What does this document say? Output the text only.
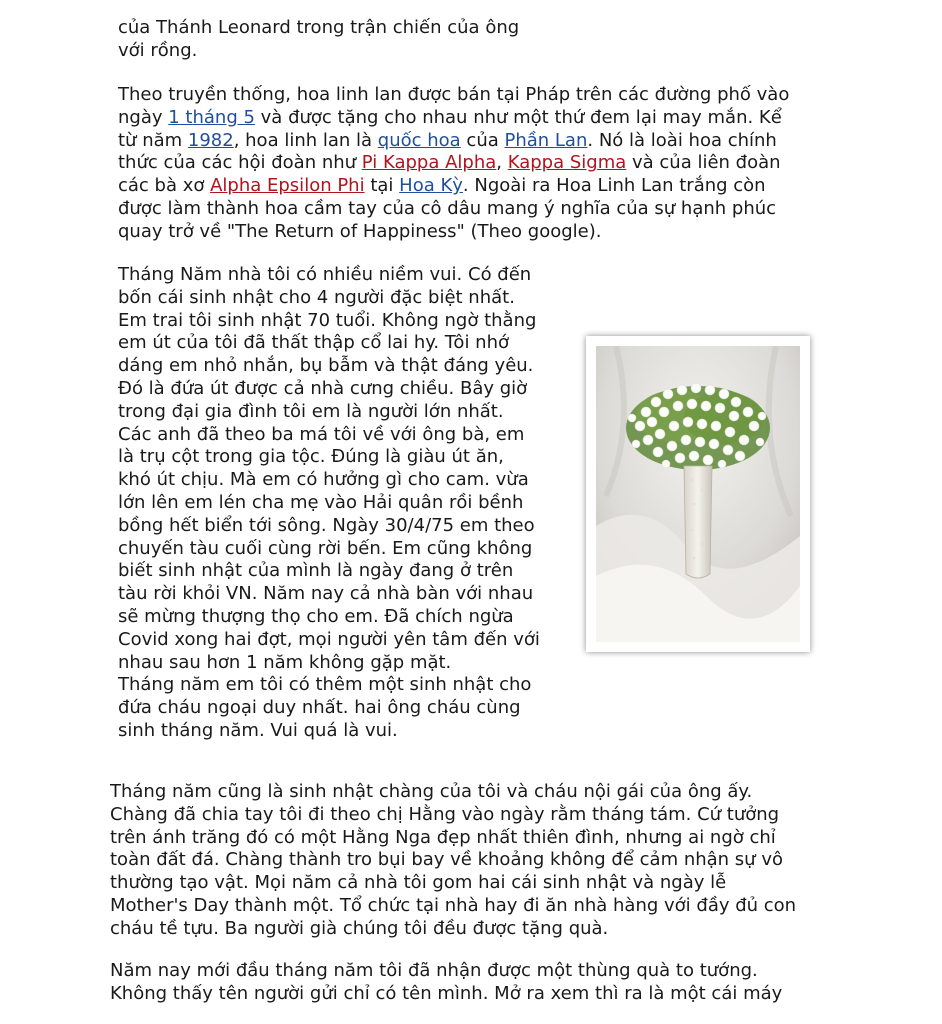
của Thánh Leonard trong trận chiến của ông
với rồng.
Theo truyền thống, hoa linh lan được bán tại Pháp trên các đường phố vào
ngày 1 tháng 5 và được tặng cho nhau như một thứ đem lại may mắn. Kể
từ năm 1982, hoa linh lan là quốc hoa của Phần Lan. Nó là loài hoa chính
thức của các hội đoàn như Pi Kappa Alpha, Kappa Sigma và của liên đoàn
các bà xơ Alpha Epsilon Phi tại Hoa Kỳ. Ngoài ra Hoa Linh Lan trắng còn
được làm thành hoa cầm tay của cô dâu mang ý nghĩa của sự hạnh phúc
quay trở về "The Return of Happiness" (Theo google).
Tháng Năm nhà tôi có nhiều niềm vui. Có đến
bốn cái sinh nhật cho 4 người đặc biệt nhất.
Em trai tôi sinh nhật 70 tuổi. Không ngờ thằng
em út của tôi đã thất thập cổ lai hy. Tôi nhớ
dáng em nhỏ nhắn, bụ bẫm và thật đáng yêu.
Đó là đứa út được cả nhà cưng chiều. Bây giờ
trong đại gia đình tôi em là người lớn nhất.
Các anh đã theo ba má tôi về với ông bà, em
là trụ cột trong gia tộc. Đúng là giàu út ăn,
khó út chịu. Mà em có hưởng gì cho cam. vừa
lớn lên em lén cha mẹ vào Hải quân rồi bềnh
bồng hết biển tới sông. Ngày 30/4/75 em theo
chuyến tàu cuối cùng rời bến. Em cũng không
biết sinh nhật của mình là ngày đang ở trên
tàu rời khỏi VN. Năm nay cả nhà bàn với nhau
sẽ mừng thượng thọ cho em. Đã chích ngừa
Covid xong hai đợt, mọi người yên tâm đến với
nhau sau hơn 1 năm không gặp mặt.
Tháng năm em tôi có thêm một sinh nhật cho
đứa cháu ngoại duy nhất. hai ông cháu cùng
sinh tháng năm. Vui quá là vui.
Tháng năm cũng là sinh nhật chàng của tôi và cháu nội gái của ông ấy.
Chàng đã chia tay tôi đi theo chị Hằng vào ngày rằm tháng tám. Cứ tưởng
trên ánh trăng đó có một Hằng Nga đẹp nhất thiên đình, nhưng ai ngờ chỉ
toàn đất đá. Chàng thành tro bụi bay về khoảng không để cảm nhận sự vô
thường tạo vật. Mọi năm cả nhà tôi gom hai cái sinh nhật và ngày lễ
Mother's Day thành một. Tổ chức tại nhà hay đi ăn nhà hàng với đầy đủ con
cháu tề tựu. Ba người già chúng tôi đều được tặng quà.
Năm nay mới đầu tháng năm tôi đã nhận được một thùng quà to tướng.
Không thấy tên người gửi chỉ có tên mình. Mở ra xem thì ra là một cái máy
